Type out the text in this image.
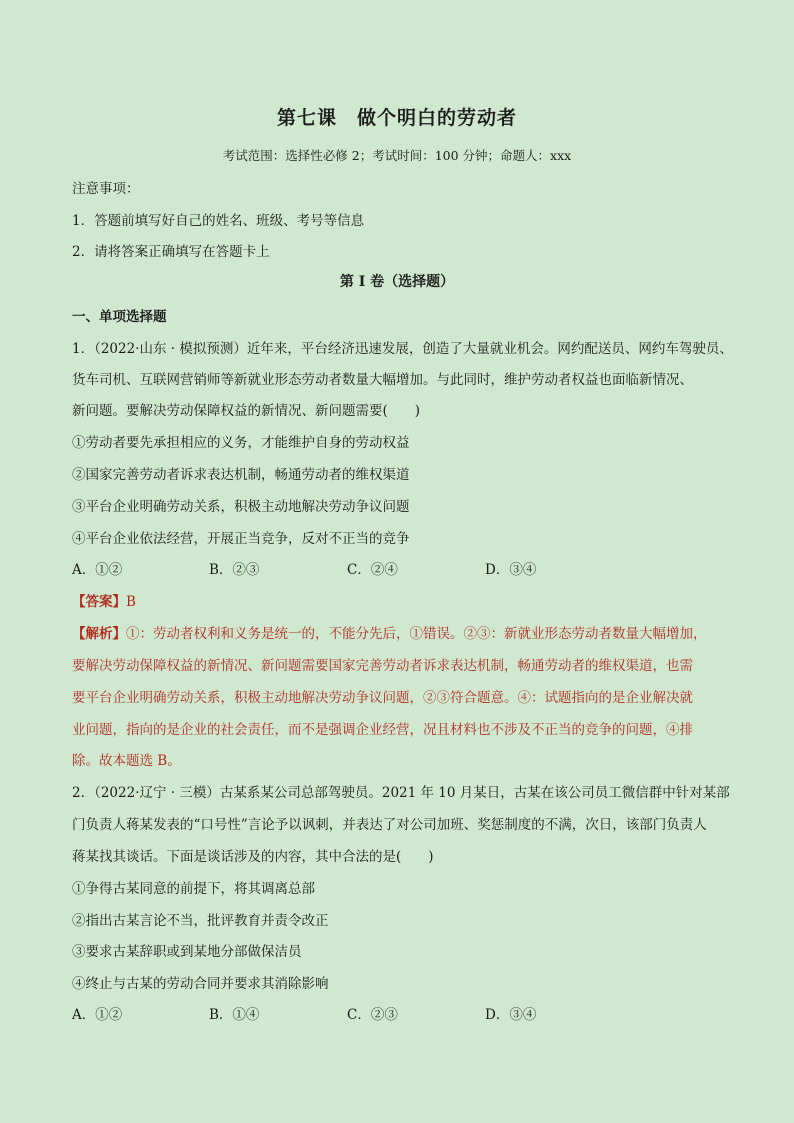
第七课　做个明白的劳动者
考试范围：选择性必修 2；考试时间：100 分钟；命题人：xxx
注意事项：
1．答题前填写好自己的姓名、班级、考号等信息
2．请将答案正确填写在答题卡上
第 I 卷（选择题）
一、单项选择题
1．（2022·山东 · 模拟预测）近年来，平台经济迅速发展，创造了大量就业机会。网约配送员、网约车驾驶员、
货车司机、互联网营销师等新就业形态劳动者数量大幅增加。与此同时，维护劳动者权益也面临新情况、
新问题。要解决劳动保障权益的新情况、新问题需要(　　)
①劳动者要先承担相应的义务，才能维护自身的劳动权益
②国家完善劳动者诉求表达机制，畅通劳动者的维权渠道
③平台企业明确劳动关系，积极主动地解决劳动争议问题
④平台企业依法经营，开展正当竞争，反对不正当的竞争
A．①②	B．②③	C．②④	D．③④
【答案】B
【解析】①：劳动者权利和义务是统一的，不能分先后，①错误。②③：新就业形态劳动者数量大幅增加，
要解决劳动保障权益的新情况、新问题需要国家完善劳动者诉求表达机制，畅通劳动者的维权渠道，也需
要平台企业明确劳动关系，积极主动地解决劳动争议问题，②③符合题意。④：试题指向的是企业解决就
业问题，指向的是企业的社会责任，而不是强调企业经营，况且材料也不涉及不正当的竞争的问题，④排
除。故本题选 B。
2．（2022·辽宁 · 三模）古某系某公司总部驾驶员。2021 年 10 月某日，古某在该公司员工微信群中针对某部
门负责人蒋某发表的“口号性”言论予以讽刺，并表达了对公司加班、奖惩制度的不满，次日，该部门负责人
蒋某找其谈话。下面是谈话涉及的内容，其中合法的是(　　)
①争得古某同意的前提下，将其调离总部
②指出古某言论不当，批评教育并责令改正
③要求古某辞职或到某地分部做保洁员
④终止与古某的劳动合同并要求其消除影响
A．①②	B．①④	C．②③	D．③④
